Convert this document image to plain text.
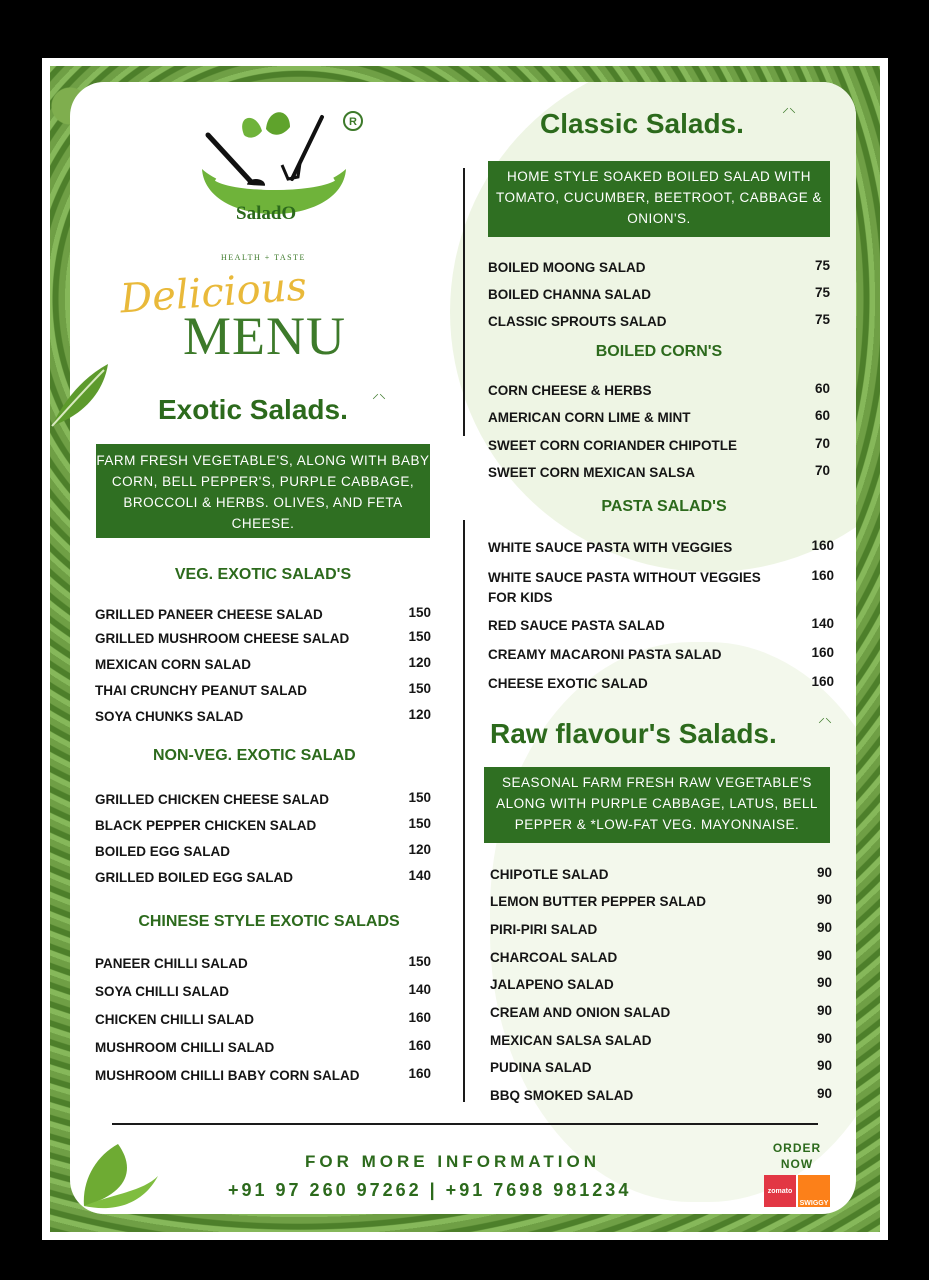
R
SaladO
HEALTH + TASTE
Delicious
MENU
Exotic Salads.
⸝⸜
FARM FRESH VEGETABLE'S, ALONG WITH BABY CORN, BELL PEPPER'S, PURPLE CABBAGE, BROCCOLI & HERBS. OLIVES, AND FETA CHEESE.
VEG. EXOTIC SALAD'S
GRILLED PANEER CHEESE SALAD	150
GRILLED MUSHROOM CHEESE SALAD	150
MEXICAN CORN SALAD	120
THAI CRUNCHY PEANUT SALAD	150
SOYA CHUNKS SALAD	120
NON-VEG. EXOTIC SALAD
GRILLED CHICKEN CHEESE SALAD	150
BLACK PEPPER CHICKEN SALAD	150
BOILED EGG SALAD	120
GRILLED BOILED EGG SALAD	140
CHINESE STYLE EXOTIC SALADS
PANEER CHILLI SALAD	150
SOYA CHILLI SALAD	140
CHICKEN CHILLI SALAD	160
MUSHROOM CHILLI SALAD	160
MUSHROOM CHILLI BABY CORN SALAD	160
Classic Salads.
⸝⸜
HOME STYLE SOAKED BOILED SALAD WITH TOMATO, CUCUMBER, BEETROOT, CABBAGE & ONION'S.
BOILED MOONG SALAD	75
BOILED CHANNA SALAD	75
CLASSIC SPROUTS SALAD	75
BOILED CORN'S
CORN CHEESE & HERBS	60
AMERICAN CORN LIME & MINT	60
SWEET CORN CORIANDER CHIPOTLE	70
SWEET CORN MEXICAN SALSA	70
PASTA SALAD'S
WHITE SAUCE PASTA WITH VEGGIES	160
WHITE SAUCE PASTA WITHOUT VEGGIES FOR KIDS
160
RED SAUCE PASTA SALAD	140
CREAMY MACARONI PASTA SALAD	160
CHEESE EXOTIC SALAD	160
Raw flavour's Salads.
⸝⸜
SEASONAL FARM FRESH RAW VEGETABLE'S ALONG WITH PURPLE CABBAGE, LATUS, BELL PEPPER & *LOW-FAT VEG. MAYONNAISE.
CHIPOTLE SALAD	90
LEMON BUTTER PEPPER SALAD	90
PIRI-PIRI SALAD	90
CHARCOAL SALAD	90
JALAPENO SALAD	90
CREAM AND ONION SALAD	90
MEXICAN SALSA SALAD	90
PUDINA SALAD	90
BBQ SMOKED SALAD	90
FOR MORE INFORMATION
+91 97 260 97262 | +91 7698 981234
ORDER NOW
zomato
SWIGGY
